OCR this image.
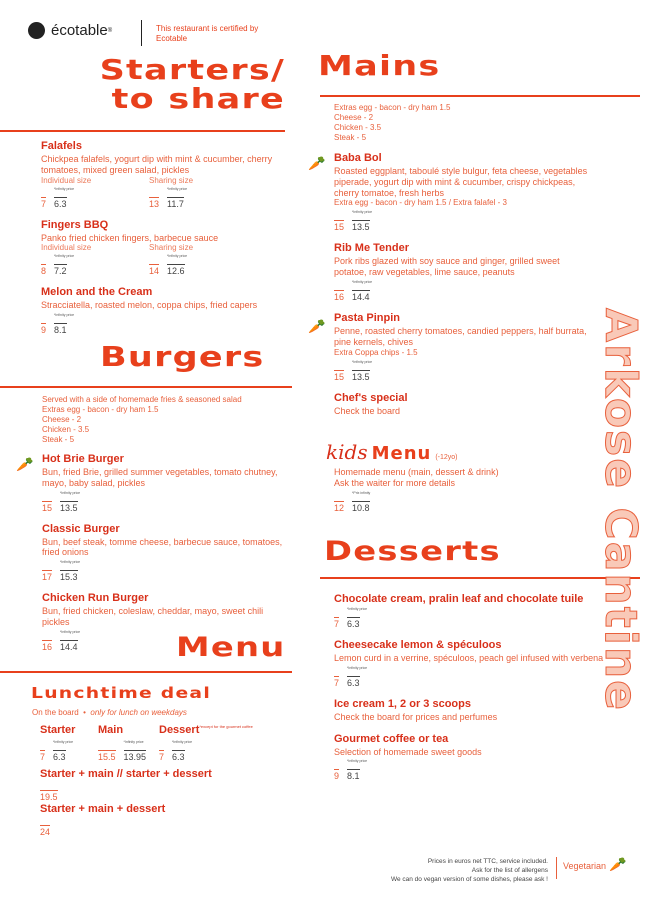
écotable ®	This restaurant is certified by Ecotable
Starters/
to share
Falafels
Chickpea falafels, yogurt dip with mint & cucumber, cherry tomatoes, mixed green salad, pickles
Individual size
7
*Infinity price
6.3
Sharing size
13
*Infinity price
11.7
Fingers BBQ
Panko fried chicken fingers, barbecue sauce
Individual size
8
*Infinity price
7.2
Sharing size
14
*Infinity price
12.6
Melon and the Cream
Stracciatella, roasted melon, coppa chips, fried capers
9
*Infinity price
8.1
Burgers
Served with a side of homemade fries & seasoned salad
Extras egg - bacon - dry ham 1.5
Cheese - 2
Chicken - 3.5
Steak - 5
🥕 Hot Brie Burger
Bun, fried Brie, grilled summer vegetables, tomato chutney, mayo, baby salad, pickles
15
*Infinity price
13.5
Classic Burger
Bun, beef steak, tomme cheese, barbecue sauce, tomatoes, fried onions
17
*Infinity price
15.3
Chicken Run Burger
Bun, fried chicken, coleslaw, cheddar, mayo, sweet chili pickles
16
*Infinity price
14.4	Menu
Lunchtime deal
On the board  •  only for lunch on weekdays
Starter
7
*Infinity price
6.3
Main
15.5
*Infinity price
13.95
Dessert$^{*except for the gourmet coffee}$
7
*Infinity price
6.3
Starter + main // starter + dessert
19.5
Starter + main + dessert
24
Mains
Extras egg - bacon - dry ham 1.5
Cheese - 2
Chicken - 3.5
Steak - 5
🥕
🥕
Baba Bol
Roasted eggplant, taboulé style bulgur, feta cheese, vegetables piperade, yogurt dip with mint & cucumber, crispy chickpeas, cherry tomatoe, fresh herbs
Extra egg - bacon - dry ham 1.5 / Extra falafel - 3
15
*Infinity price
13.5
Rib Me Tender
Pork ribs glazed with soy sauce and ginger, grilled sweet potatoe, raw vegetables, lime sauce, peanuts
16
*Infinity price
14.4
Pasta Pinpin
Penne, roasted cherry tomatoes, candied peppers, half burrata, pine kernels, chives
Extra Coppa chips - 1.5
15
*Infinity price
13.5
Chef's special
Check the board
kids Menu (-12yo)
Homemade menu (main, dessert & drink)
Ask the waiter for more details
12
*Prix infinity
10.8
Desserts
Chocolate cream, pralin leaf and chocolate tuile
7
*Infinity price
6.3
Cheesecake lemon & spéculoos
Lemon curd in a verrine, spéculoos, peach gel infused with verbena
7
*Infinity price
6.3
Ice cream 1, 2 or 3 scoops
Check the board for prices and perfumes
Gourmet coffee or tea
Selection of homemade sweet goods
9
*Infinity price
8.1
Arkose Cantine
Prices in euros net TTC, service included.
Ask for the list of allergens
We can do vegan version of some dishes, please ask !
Vegetarian 🥕
